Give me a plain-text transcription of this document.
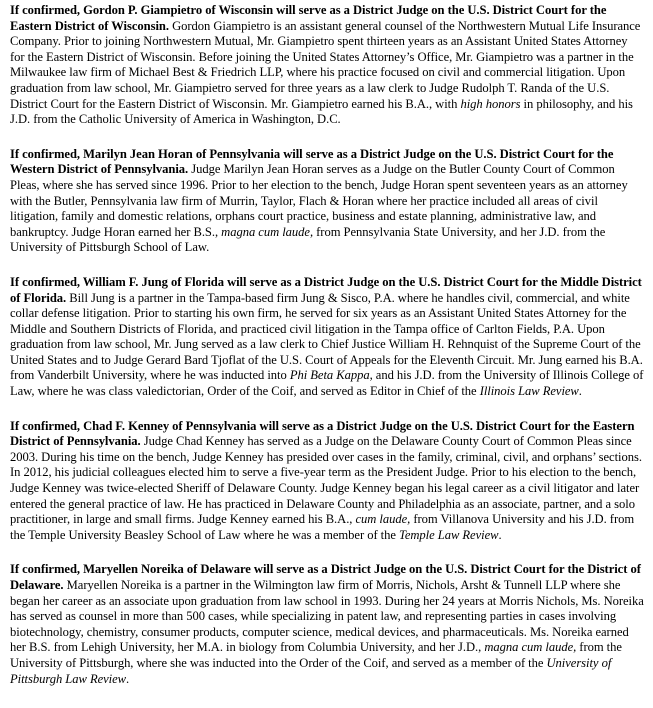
If confirmed, Gordon P. Giampietro of Wisconsin will serve as a District Judge on the U.S. District Court for the Eastern District of Wisconsin. Gordon Giampietro is an assistant general counsel of the Northwestern Mutual Life Insurance Company. Prior to joining Northwestern Mutual, Mr. Giampietro spent thirteen years as an Assistant United States Attorney for the Eastern District of Wisconsin. Before joining the United States Attorney’s Office, Mr. Giampietro was a partner in the Milwaukee law firm of Michael Best & Friedrich LLP, where his practice focused on civil and commercial litigation. Upon graduation from law school, Mr. Giampietro served for three years as a law clerk to Judge Rudolph T. Randa of the U.S. District Court for the Eastern District of Wisconsin. Mr. Giampietro earned his B.A., with high honors in philosophy, and his J.D. from the Catholic University of America in Washington, D.C.

If confirmed, Marilyn Jean Horan of Pennsylvania will serve as a District Judge on the U.S. District Court for the Western District of Pennsylvania. Judge Marilyn Jean Horan serves as a Judge on the Butler County Court of Common Pleas, where she has served since 1996. Prior to her election to the bench, Judge Horan spent seventeen years as an attorney with the Butler, Pennsylvania law firm of Murrin, Taylor, Flach & Horan where her practice included all areas of civil litigation, family and domestic relations, orphans court practice, business and estate planning, administrative law, and bankruptcy. Judge Horan earned her B.S., magna cum laude, from Pennsylvania State University, and her J.D. from the University of Pittsburgh School of Law.

If confirmed, William F. Jung of Florida will serve as a District Judge on the U.S. District Court for the Middle District of Florida. Bill Jung is a partner in the Tampa-based firm Jung & Sisco, P.A. where he handles civil, commercial, and white collar defense litigation. Prior to starting his own firm, he served for six years as an Assistant United States Attorney for the Middle and Southern Districts of Florida, and practiced civil litigation in the Tampa office of Carlton Fields, P.A. Upon graduation from law school, Mr. Jung served as a law clerk to Chief Justice William H. Rehnquist of the Supreme Court of the United States and to Judge Gerard Bard Tjoflat of the U.S. Court of Appeals for the Eleventh Circuit. Mr. Jung earned his B.A. from Vanderbilt University, where he was inducted into Phi Beta Kappa, and his J.D. from the University of Illinois College of Law, where he was class valedictorian, Order of the Coif, and served as Editor in Chief of the Illinois Law Review.

If confirmed, Chad F. Kenney of Pennsylvania will serve as a District Judge on the U.S. District Court for the Eastern District of Pennsylvania. Judge Chad Kenney has served as a Judge on the Delaware County Court of Common Pleas since 2003. During his time on the bench, Judge Kenney has presided over cases in the family, criminal, civil, and orphans’ sections. In 2012, his judicial colleagues elected him to serve a five-year term as the President Judge. Prior to his election to the bench, Judge Kenney was twice-elected Sheriff of Delaware County. Judge Kenney began his legal career as a civil litigator and later entered the general practice of law. He has practiced in Delaware County and Philadelphia as an associate, partner, and a solo practitioner, in large and small firms. Judge Kenney earned his B.A., cum laude, from Villanova University and his J.D. from the Temple University Beasley School of Law where he was a member of the Temple Law Review.

If confirmed, Maryellen Noreika of Delaware will serve as a District Judge on the U.S. District Court for the District of Delaware. Maryellen Noreika is a partner in the Wilmington law firm of Morris, Nichols, Arsht & Tunnell LLP where she began her career as an associate upon graduation from law school in 1993. During her 24 years at Morris Nichols, Ms. Noreika has served as counsel in more than 500 cases, while specializing in patent law, and representing parties in cases involving biotechnology, chemistry, consumer products, computer science, medical devices, and pharmaceuticals. Ms. Noreika earned her B.S. from Lehigh University, her M.A. in biology from Columbia University, and her J.D., magna cum laude, from the University of Pittsburgh, where she was inducted into the Order of the Coif, and served as a member of the University of Pittsburgh Law Review.
